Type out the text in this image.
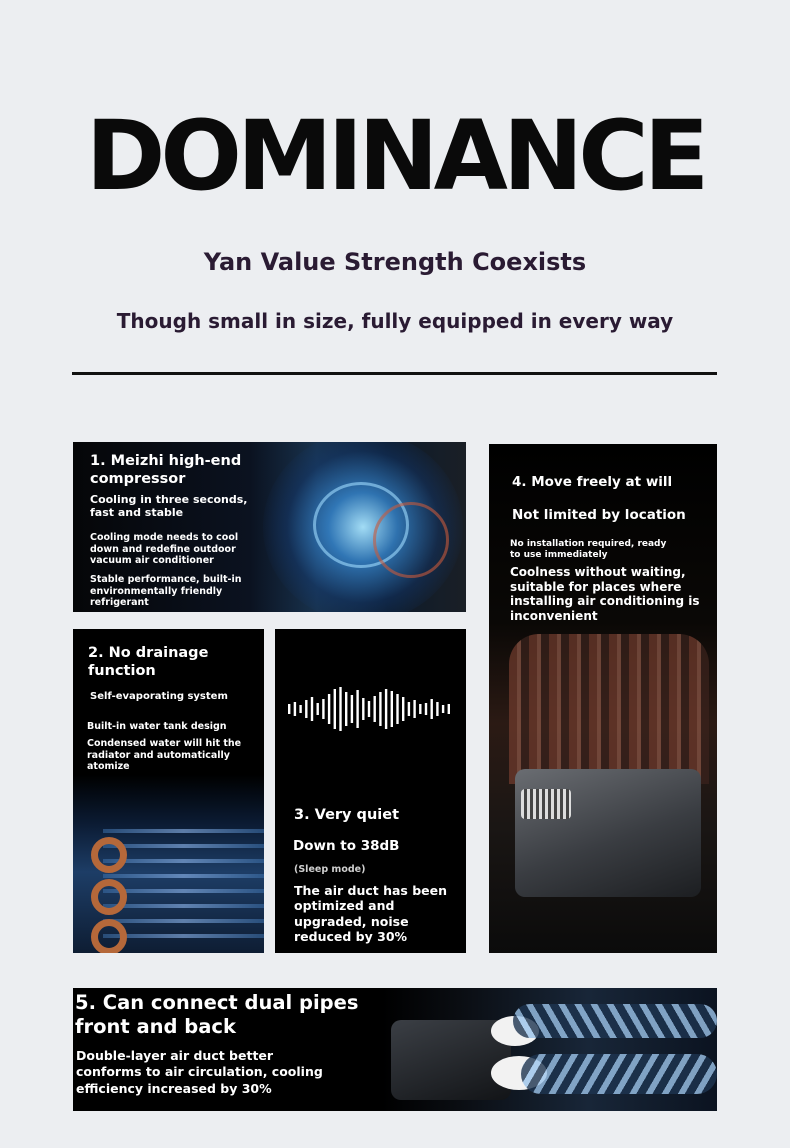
DOMINANCE
Yan Value Strength Coexists
Though small in size, fully equipped in every way
1. Meizhi high-end compressor
Cooling in three seconds, fast and stable
Cooling mode needs to cool down and redefine outdoor vacuum air conditioner
Stable performance, built-in environmentally friendly refrigerant
2. No drainage function
Self-evaporating system
Built-in water tank design
Condensed water will hit the radiator and automatically atomize
3. Very quiet
Down to 38dB
(Sleep mode)
The air duct has been optimized and upgraded, noise reduced by 30%
4. Move freely at will
Not limited by location
No installation required, ready to use immediately
Coolness without waiting, suitable for places where installing air conditioning is inconvenient
5. Can connect dual pipes front and back
Double-layer air duct better conforms to air circulation, cooling efficiency increased by 30%
